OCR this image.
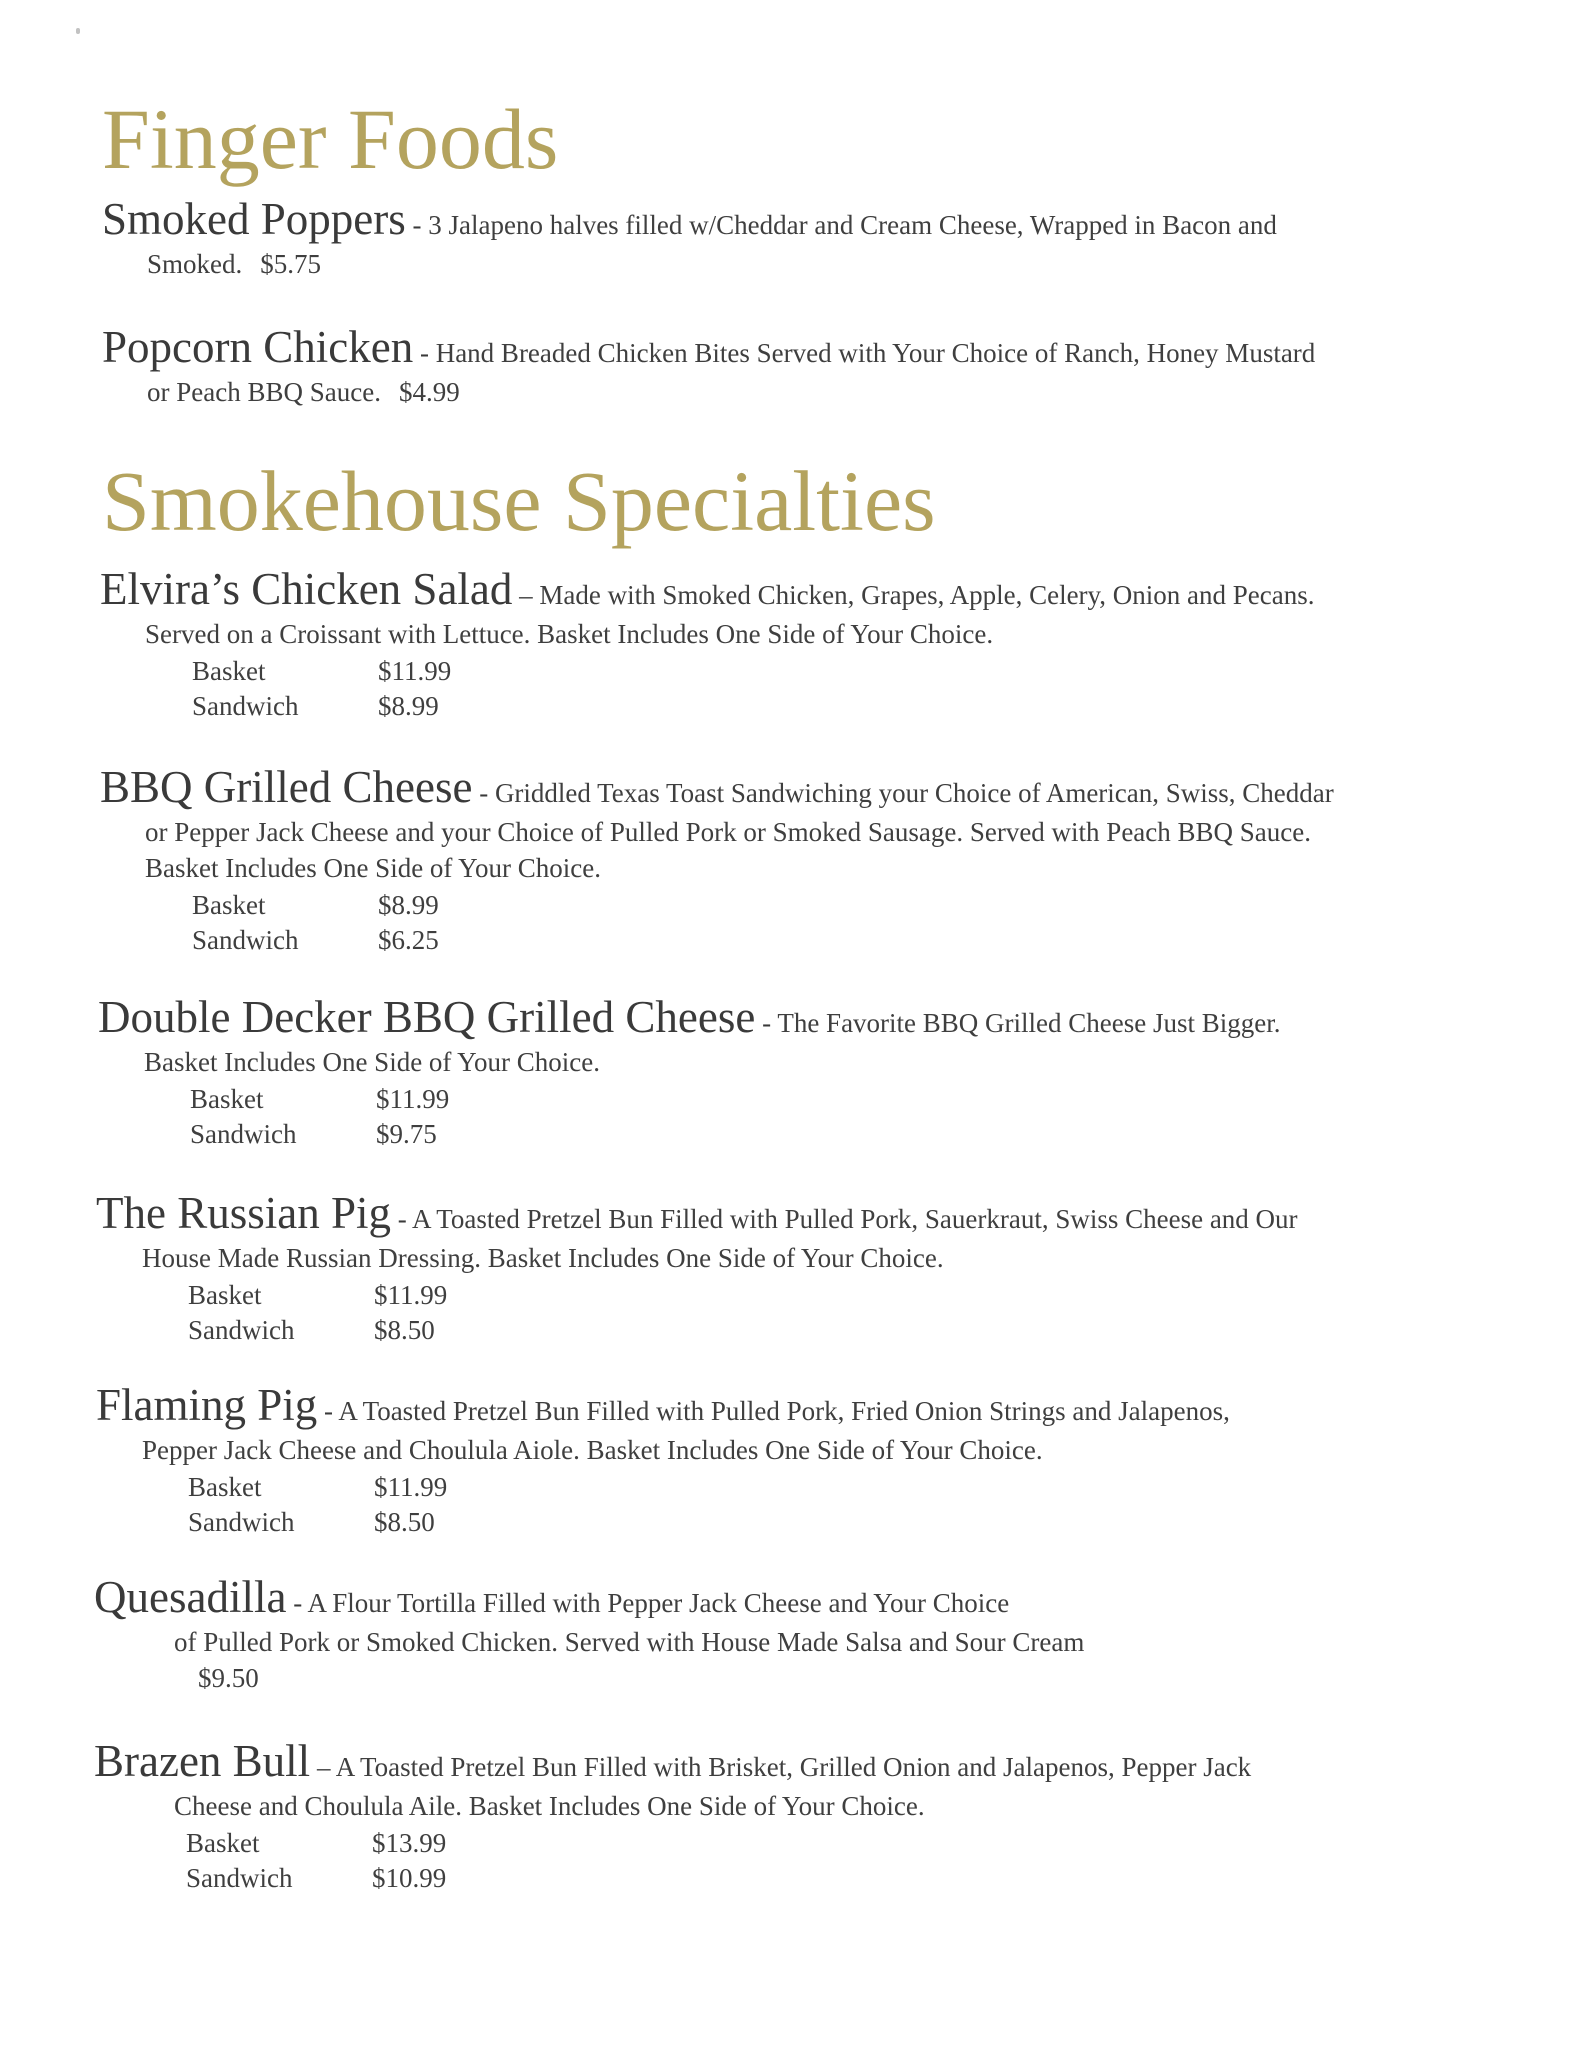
Finger Foods

Smoked Poppers - 3 Jalapeno halves filled w/Cheddar and Cream Cheese, Wrapped in Bacon and

Smoked. $5.75

Popcorn Chicken - Hand Breaded Chicken Bites Served with Your Choice of Ranch, Honey Mustard

or Peach BBQ Sauce. $4.99

Smokehouse Specialties

Elvira’s Chicken Salad – Made with Smoked Chicken, Grapes, Apple, Celery, Onion and Pecans.

Served on a Croissant with Lettuce. Basket Includes One Side of Your Choice.

Basket	$11.99
Sandwich	$8.99

BBQ Grilled Cheese - Griddled Texas Toast Sandwiching your Choice of American, Swiss, Cheddar

or Pepper Jack Cheese and your Choice of Pulled Pork or Smoked Sausage. Served with Peach BBQ Sauce.

Basket Includes One Side of Your Choice.

Basket	$8.99
Sandwich	$6.25

Double Decker BBQ Grilled Cheese - The Favorite BBQ Grilled Cheese Just Bigger.

Basket Includes One Side of Your Choice.

Basket	$11.99
Sandwich	$9.75

The Russian Pig - A Toasted Pretzel Bun Filled with Pulled Pork, Sauerkraut, Swiss Cheese and Our

House Made Russian Dressing. Basket Includes One Side of Your Choice.

Basket	$11.99
Sandwich	$8.50

Flaming Pig - A Toasted Pretzel Bun Filled with Pulled Pork, Fried Onion Strings and Jalapenos,

Pepper Jack Cheese and Choulula Aiole. Basket Includes One Side of Your Choice.

Basket	$11.99
Sandwich	$8.50

Quesadilla - A Flour Tortilla Filled with Pepper Jack Cheese and Your Choice

of Pulled Pork or Smoked Chicken. Served with House Made Salsa and Sour Cream

$9.50

Brazen Bull – A Toasted Pretzel Bun Filled with Brisket, Grilled Onion and Jalapenos, Pepper Jack

Cheese and Choulula Aile. Basket Includes One Side of Your Choice.

Basket	$13.99
Sandwich	$10.99
